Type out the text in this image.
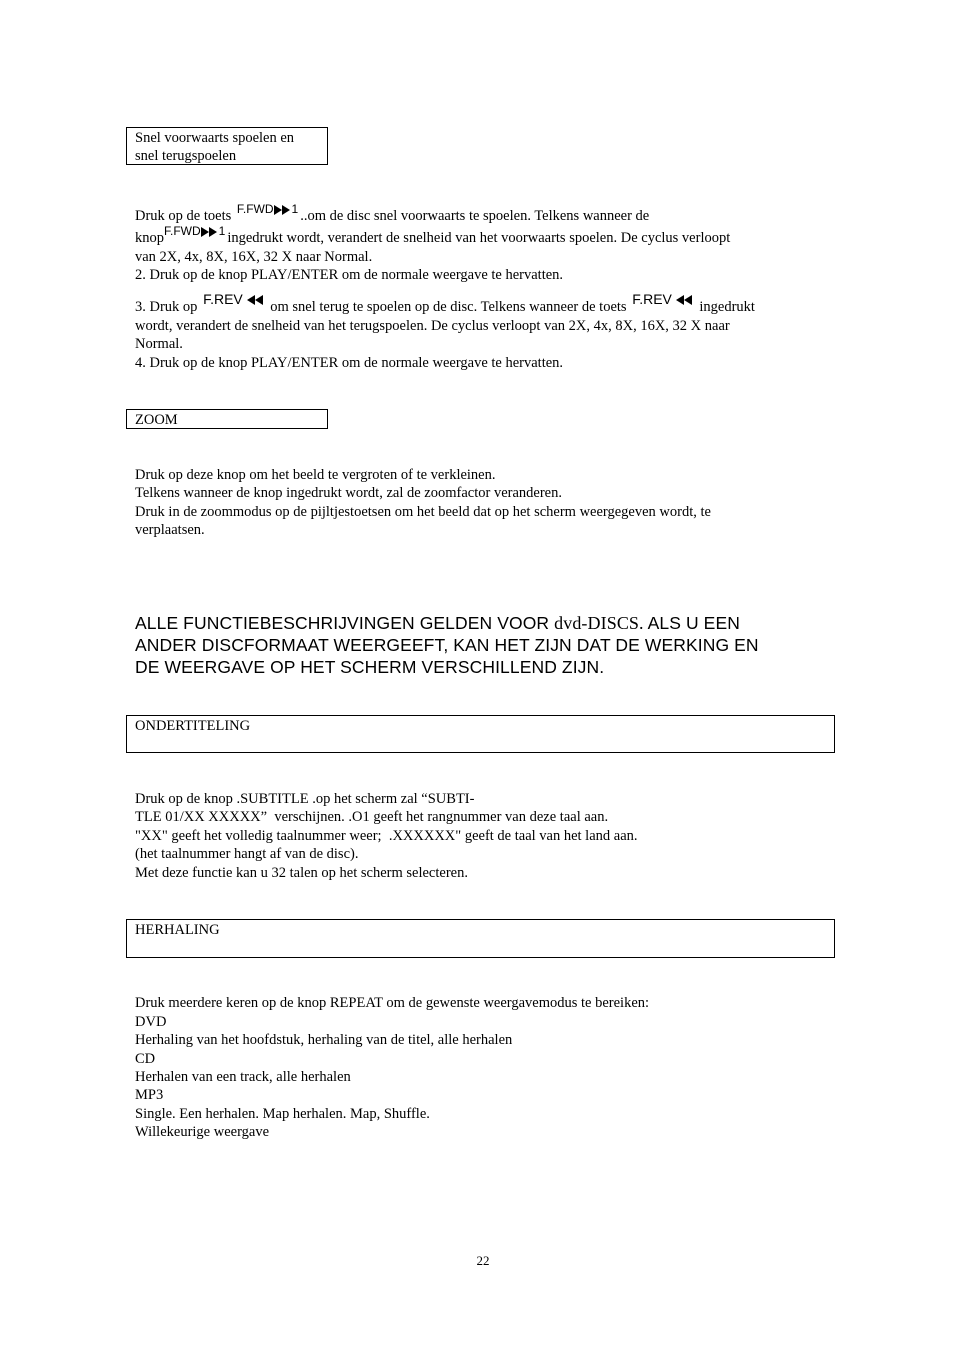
Snel voorwaarts spoelen en
snel terugspoelen
Druk op de toets F.FWD 1 ..om de disc snel voorwaarts te spoelen. Telkens wanneer de
knopF.FWD 1 ingedrukt wordt, verandert de snelheid van het voorwaarts spoelen. De cyclus verloopt
van 2X, 4x, 8X, 16X, 32 X naar Normal.
2. Druk op de knop PLAY/ENTER om de normale weergave te hervatten.
3. Druk op F.REV om snel terug te spoelen op de disc. Telkens wanneer de toets F.REV ingedrukt
wordt, verandert de snelheid van het terugspoelen. De cyclus verloopt van 2X, 4x, 8X, 16X, 32 X naar
Normal.
4. Druk op de knop PLAY/ENTER om de normale weergave te hervatten.
ZOOM
Druk op deze knop om het beeld te vergroten of te verkleinen.
Telkens wanneer de knop ingedrukt wordt, zal de zoomfactor veranderen.
Druk in de zoommodus op de pijltjestoetsen om het beeld dat op het scherm weergegeven wordt, te
verplaatsen.
ALLE FUNCTIEBESCHRIJVINGEN GELDEN VOOR dvd-DISCS. ALS U EEN
ANDER DISCFORMAAT WEERGEEFT, KAN HET ZIJN DAT DE WERKING EN
DE WEERGAVE OP HET SCHERM VERSCHILLEND ZIJN.
ONDERTITELING
Druk op de knop .SUBTITLE .op het scherm zal “SUBTI-
TLE 01/XX XXXXX”  verschijnen. .O1 geeft het rangnummer van deze taal aan.
"XX" geeft het volledig taalnummer weer;  .XXXXXX" geeft de taal van het land aan.
(het taalnummer hangt af van de disc).
Met deze functie kan u 32 talen op het scherm selecteren.
HERHALING
Druk meerdere keren op de knop REPEAT om de gewenste weergavemodus te bereiken:
DVD
Herhaling van het hoofdstuk, herhaling van de titel, alle herhalen
CD
Herhalen van een track, alle herhalen
MP3
Single. Een herhalen. Map herhalen. Map, Shuffle.
Willekeurige weergave
22
